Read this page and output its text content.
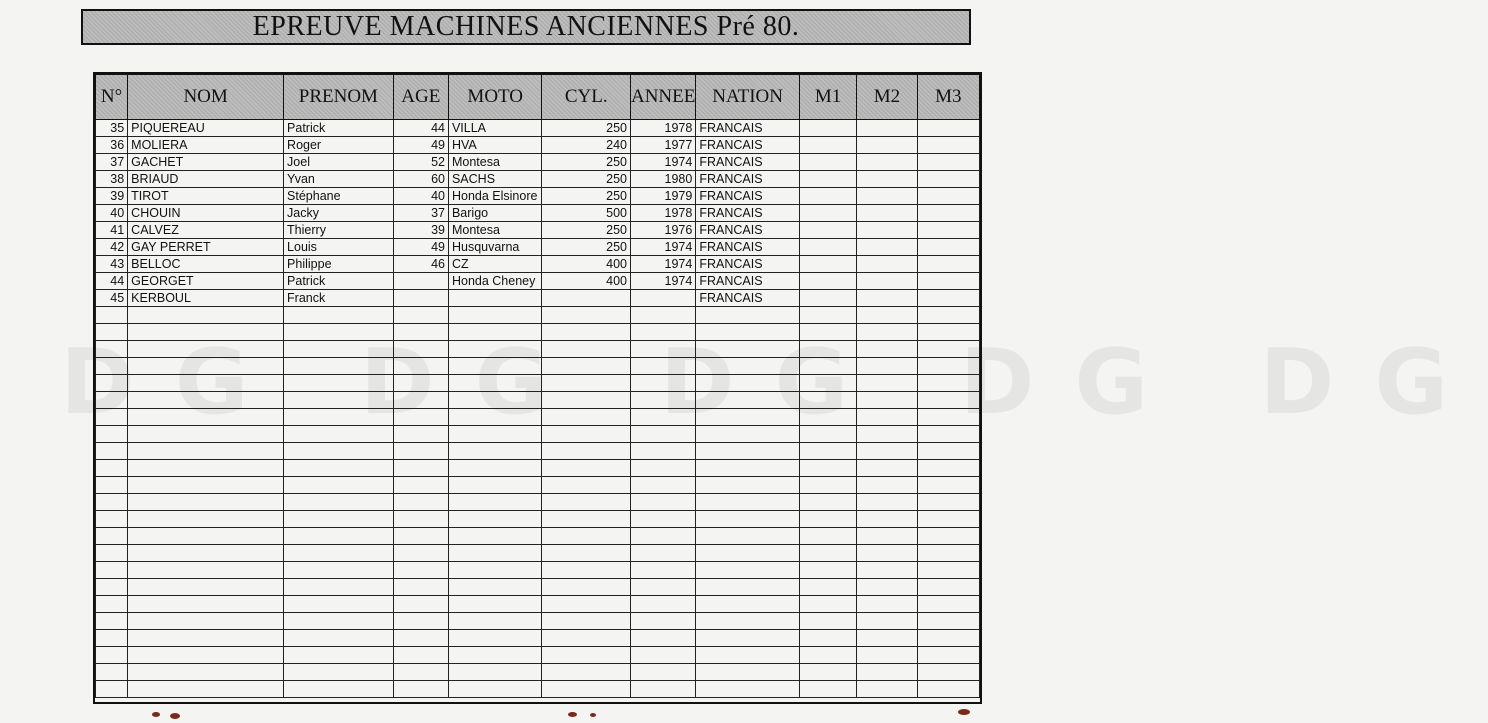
DG DG DG DG DG
EPREUVE MACHINES ANCIENNES Pré 80.
N°	NOM	PRENOM	AGE	MOTO	CYL.	ANNEE	NATION	M1	M2	M3
35	PIQUEREAU	Patrick	44	VILLA	250	1978	FRANCAIS			
36	MOLIERA	Roger	49	HVA	240	1977	FRANCAIS			
37	GACHET	Joel	52	Montesa	250	1974	FRANCAIS			
38	BRIAUD	Yvan	60	SACHS	250	1980	FRANCAIS			
39	TIROT	Stéphane	40	Honda Elsinore	250	1979	FRANCAIS			
40	CHOUIN	Jacky	37	Barigo	500	1978	FRANCAIS			
41	CALVEZ	Thierry	39	Montesa	250	1976	FRANCAIS			
42	GAY PERRET	Louis	49	Husquvarna	250	1974	FRANCAIS			
43	BELLOC	Philippe	46	CZ	400	1974	FRANCAIS			
44	GEORGET	Patrick		Honda Cheney	400	1974	FRANCAIS			
45	KERBOUL	Franck					FRANCAIS			
